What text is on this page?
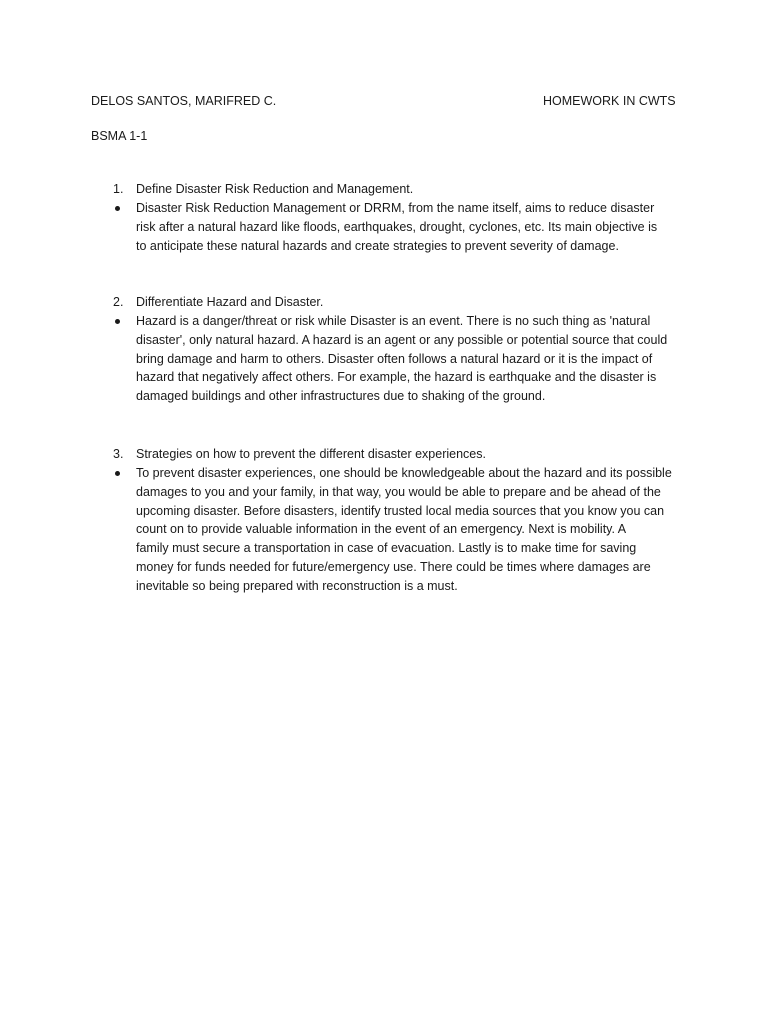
DELOS SANTOS, MARIFRED C.	HOMEWORK IN CWTS
BSMA 1-1
1. Define Disaster Risk Reduction and Management.
Disaster Risk Reduction Management or DRRM, from the name itself, aims to reduce disaster
risk after a natural hazard like floods, earthquakes, drought, cyclones, etc. Its main objective is
to anticipate these natural hazards and create strategies to prevent severity of damage.
2. Differentiate Hazard and Disaster.
Hazard is a danger/threat or risk while Disaster is an event. There is no such thing as 'natural
disaster', only natural hazard. A hazard is an agent or any possible or potential source that could
bring damage and harm to others. Disaster often follows a natural hazard or it is the impact of
hazard that negatively affect others. For example, the hazard is earthquake and the disaster is
damaged buildings and other infrastructures due to shaking of the ground.
3. Strategies on how to prevent the different disaster experiences.
To prevent disaster experiences, one should be knowledgeable about the hazard and its possible
damages to you and your family, in that way, you would be able to prepare and be ahead of the
upcoming disaster. Before disasters, identify trusted local media sources that you know you can
count on to provide valuable information in the event of an emergency. Next is mobility. A
family must secure a transportation in case of evacuation. Lastly is to make time for saving
money for funds needed for future/emergency use. There could be times where damages are
inevitable so being prepared with reconstruction is a must.
